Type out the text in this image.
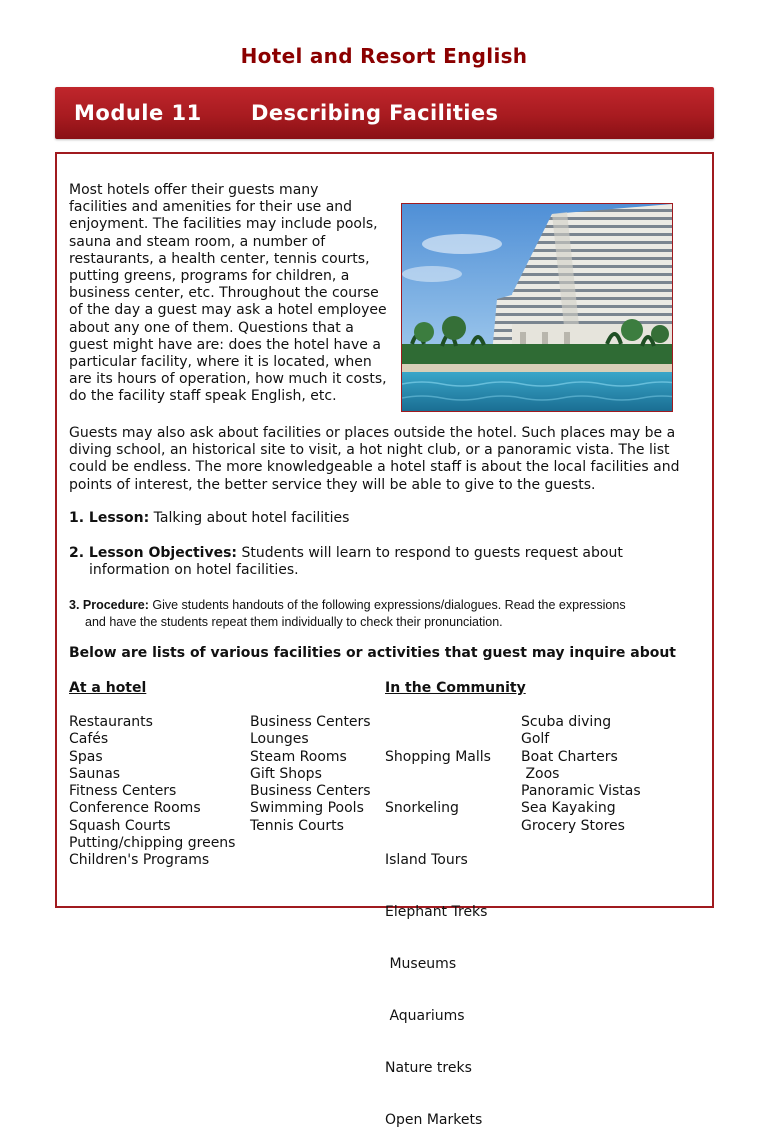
Hotel and Resort English
Module 11 Describing Facilities
Most hotels offer their guests many
facilities and amenities for their use and
enjoyment. The facilities may include pools,
sauna and steam room, a number of
restaurants, a health center, tennis courts,
putting greens, programs for children, a
business center, etc. Throughout the course
of the day a guest may ask a hotel employee
about any one of them. Questions that a
guest might have are: does the hotel have a
particular facility, where it is located, when
are its hours of operation, how much it costs,
do the facility staff speak English, etc.
Guests may also ask about facilities or places outside the hotel. Such places may be a
diving school, an historical site to visit, a hot night club, or a panoramic vista. The list
could be endless. The more knowledgeable a hotel staff is about the local facilities and
points of interest, the better service they will be able to give to the guests.
1. Lesson: Talking about hotel facilities
2. Lesson Objectives: Students will learn to respond to guests request about
information on hotel facilities.
3. Procedure: Give students handouts of the following expressions/dialogues. Read the expressions
and have the students repeat them individually to check their pronunciation.
Below are lists of various facilities or activities that guest may inquire about
At a hotel	In the Community
Restaurants
Cafés
Spas
Saunas
Fitness Centers
Conference Rooms
Squash Courts
Putting/chipping greens
Children's Programs
Business Centers
Lounges
Steam Rooms
Gift Shops
Business Centers
Swimming Pools
Tennis Courts

Shopping Malls

Snorkeling

Island Tours

Elephant Treks

Museums

Aquariums

Nature treks

Open Markets

Scuba diving
Golf
Boat Charters
Zoos
Panoramic Vistas
Sea Kayaking
Grocery Stores
